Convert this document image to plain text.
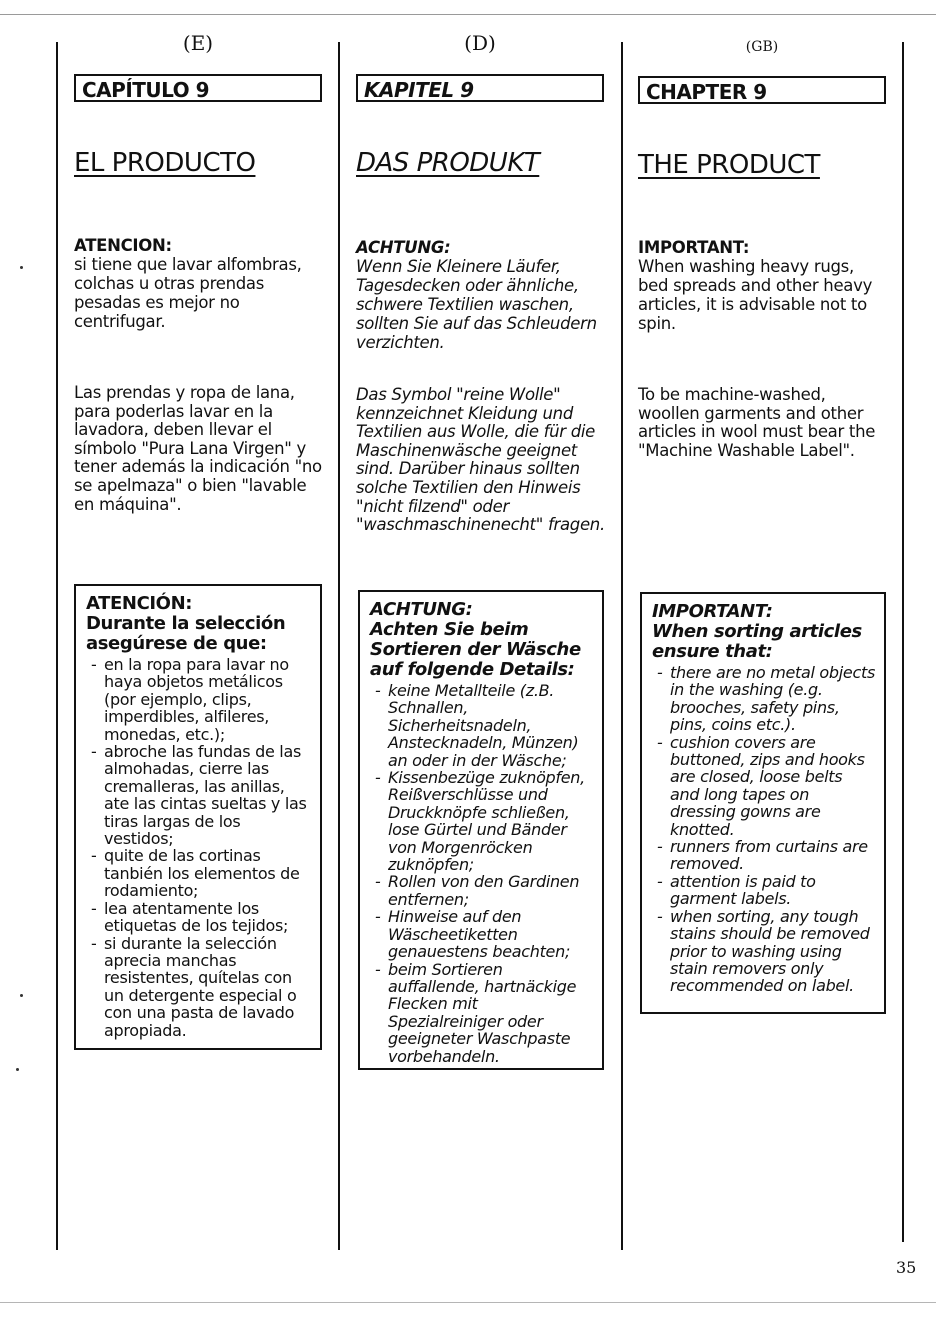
(E)
CAPÍTULO 9
EL PRODUCTO
ATENCION:
si tiene que lavar alfombras, colchas u otras prendas pesadas es mejor no centrifugar.
Las prendas y ropa de lana, para poderlas lavar en la lavadora, deben llevar el símbolo "Pura Lana Virgen" y tener además la indicación "no se apelmaza" o bien "lavable en máquina".
ATENCIÓN:
Durante la selección asegúrese de que:
- en la ropa para lavar no haya objetos metálicos (por ejemplo, clips, imperdibles, alfileres, monedas, etc.);
- abroche las fundas de las almohadas, cierre las cremalleras, las anillas, ate las cintas sueltas y las tiras largas de los vestidos;
- quite de las cortinas tanbién los elementos de rodamiento;
- lea atentamente los etiquetas de los tejidos;
- si durante la selección aprecia manchas resistentes, quítelas con un detergente especial o con una pasta de lavado apropiada.
(D)
KAPITEL 9
DAS PRODUKT
ACHTUNG:
Wenn Sie Kleinere Läufer, Tagesdecken oder ähnliche, schwere Textilien waschen, sollten Sie auf das Schleudern verzichten.
Das Symbol "reine Wolle" kennzeichnet Kleidung und Textilien aus Wolle, die für die Maschinenwäsche geeignet sind. Darüber hinaus sollten solche Textilien den Hinweis "nicht filzend" oder "waschmaschinenecht" fragen.
ACHTUNG:
Achten Sie beim Sortieren der Wäsche auf folgende Details:
- keine Metallteile (z.B. Schnallen, Sicherheitsnadeln, Anstecknadeln, Münzen) an oder in der Wäsche;
- Kissenbezüge zuknöpfen, Reißverschlüsse und Druckknöpfe schließen, lose Gürtel und Bänder von Morgenröcken zuknöpfen;
- Rollen von den Gardinen entfernen;
- Hinweise auf den Wäscheetiketten genauestens beachten;
- beim Sortieren auffallende, hartnäckige Flecken mit Spezialreiniger oder geeigneter Waschpaste vorbehandeln.
(GB)
CHAPTER 9
THE PRODUCT
IMPORTANT:
When washing heavy rugs, bed spreads and other heavy articles, it is advisable not to spin.
To be machine-washed, woollen garments and other articles in wool must bear the "Machine Washable Label".
IMPORTANT:
When sorting articles ensure that:
- there are no metal objects in the washing (e.g. brooches, safety pins, pins, coins etc.).
- cushion covers are buttoned, zips and hooks are closed, loose belts and long tapes on dressing gowns are knotted.
- runners from curtains are removed.
- attention is paid to garment labels.
- when sorting, any tough stains should be removed prior to washing using stain removers only recommended on label.
35
